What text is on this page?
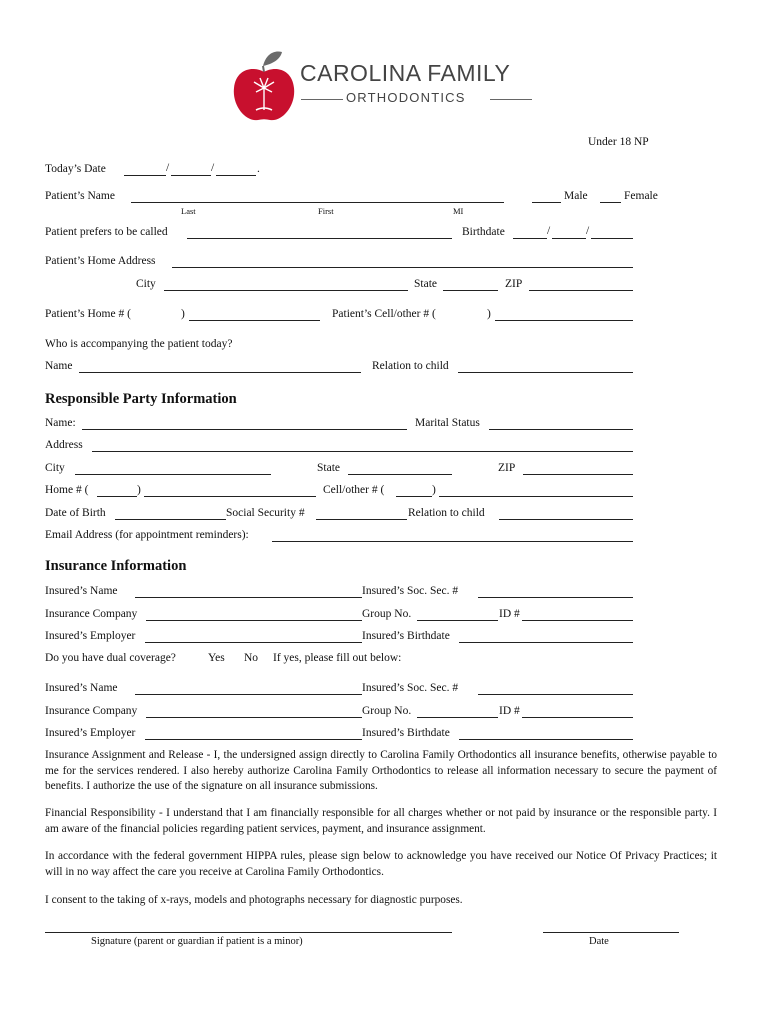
CAROLINA FAMILY
ORTHODONTICS
Under 18 NP
Today’s Date	/	/	.
Patient’s Name
Last	First	MI
Male	Female
Patient prefers to be called	Birthdate	/	/
Patient’s Home Address
City	State	ZIP
Patient’s Home # (	)	Patient’s Cell/other # (	)
Who is accompanying the patient today?
Name	Relation to child
Responsible Party Information
Name:	Marital Status
Address
City	State	ZIP
Home # (	)	Cell/other # (	)
Date of Birth	Social Security #	Relation to child
Email Address (for appointment reminders):
Insurance Information
Insured’s Name	Insured’s Soc. Sec. #
Insurance Company	Group No.	ID #
Insured’s Employer	Insured’s Birthdate
Do you have dual coverage?	Yes No If yes, please fill out below:
Insured’s Name	Insured’s Soc. Sec. #
Insurance Company	Group No.	ID #
Insured’s Employer	Insured’s Birthdate
Insurance Assignment and Release - I, the undersigned assign directly to Carolina Family Orthodontics all insurance benefits, otherwise payable to me for the services rendered. I also hereby authorize Carolina Family Orthodontics to release all information necessary to secure the payment of benefits. I authorize the use of the signature on all insurance submissions.
Financial Responsibility - I understand that I am financially responsible for all charges whether or not paid by insurance or the responsible party. I am aware of the financial policies regarding patient services, payment, and insurance assignment.
In accordance with the federal government HIPPA rules, please sign below to acknowledge you have received our Notice Of Privacy Practices; it will in no way affect the care you receive at Carolina Family Orthodontics.
I consent to the taking of x-rays, models and photographs necessary for diagnostic purposes.
Signature (parent or guardian if patient is a minor)	Date
